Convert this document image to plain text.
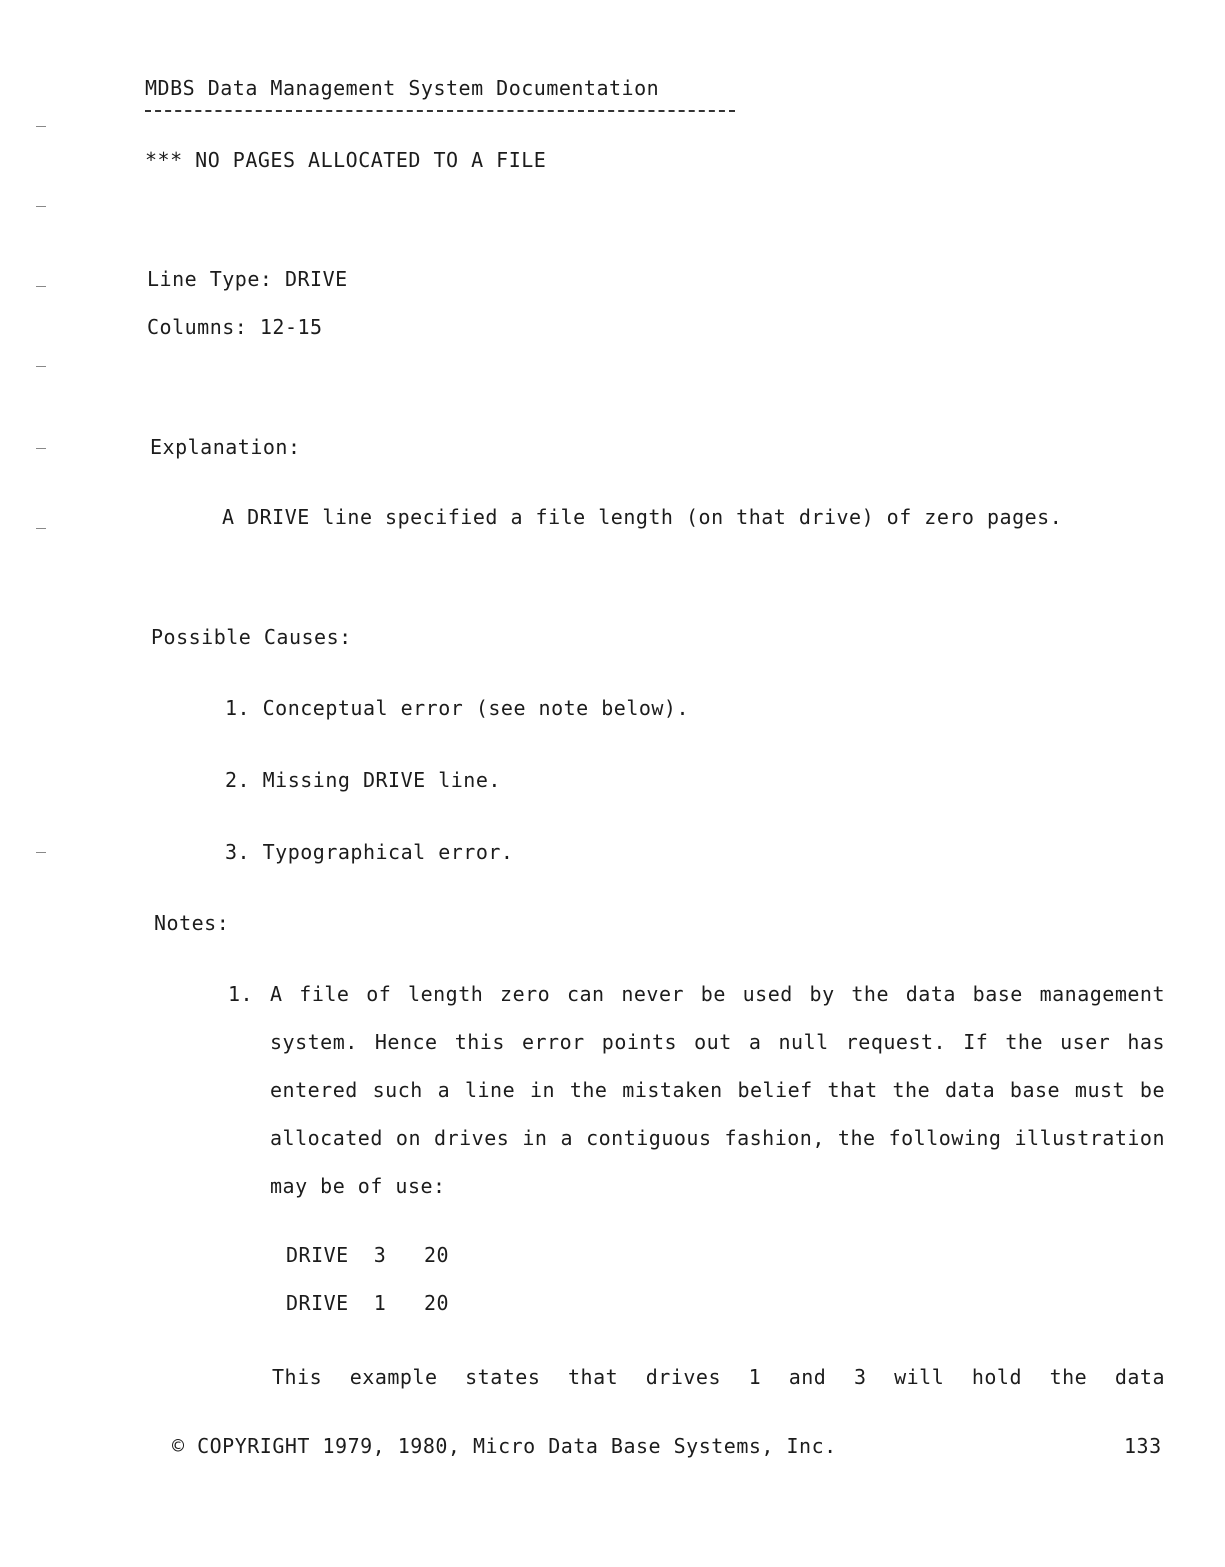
MDBS Data Management System Documentation
*** NO PAGES ALLOCATED TO A FILE
Line Type: DRIVE
Columns: 12-15
Explanation:
A DRIVE line specified a file length (on that drive) of zero pages.
Possible Causes:
1. Conceptual error (see note below).
2. Missing DRIVE line.
3. Typographical error.
Notes:
1. A file of length zero can never be used by the data base management system. Hence this error points out a null request. If the user has entered such a line in the mistaken belief that the data base must be allocated on drives in a contiguous fashion, the following illustration may be of use:
DRIVE  3   20
DRIVE  1   20
This example states that drives 1 and 3 will hold the data
© COPYRIGHT 1979, 1980, Micro Data Base Systems, Inc.	133
